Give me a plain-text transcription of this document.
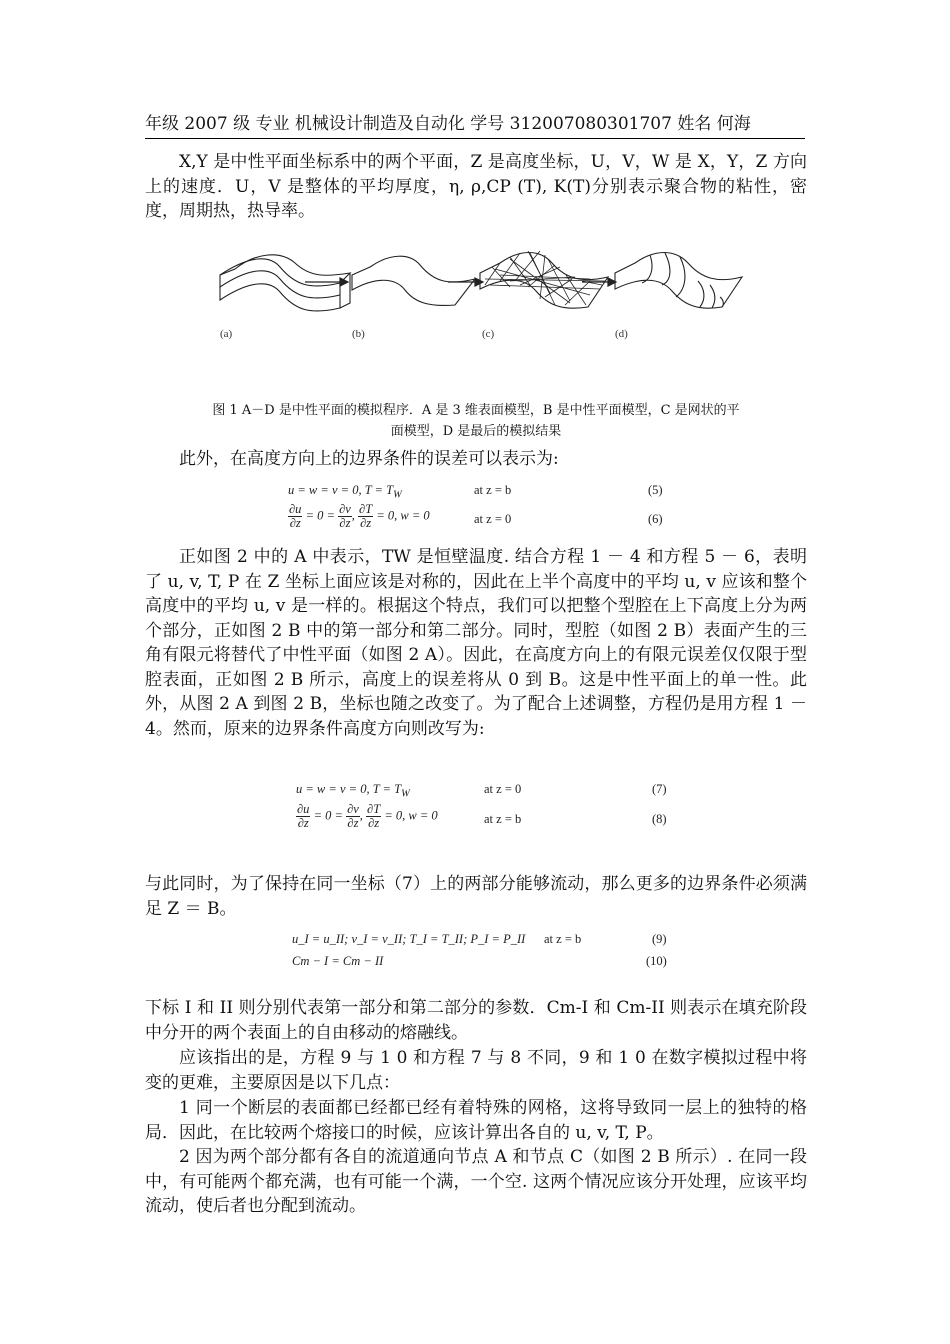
年级 2007 级 专业 机械设计制造及自动化 学号 312007080301707 姓名 何海
X,Y 是中性平面坐标系中的两个平面，Z 是高度坐标，U，V，W 是 X，Y，Z 方向上的速度．U，V 是整体的平均厚度，η, ρ,CP (T), K(T)分别表示聚合物的粘性，密度，周期热，热导率。
(a)	(b)	(c)	(d)
图 1 A－D 是中性平面的模拟程序．A 是 3 维表面模型，B 是中性平面模型，C 是网状的平
面模型，D 是最后的模拟结果
此外，在高度方向上的边界条件的误差可以表示为:
u = w = v = 0, $T = T_W$	at z = b	(5)
$\frac{\partial u}{\partial z} = 0 = \frac{\partial v}{\partial z}$ , $\frac{\partial T}{\partial z} = 0$, w = 0	at z = 0	(6)
正如图 2 中的 A 中表示，TW 是恒壁温度. 结合方程 1 － 4 和方程 5 － 6，表明了 u, v, T, P 在 Z 坐标上面应该是对称的，因此在上半个高度中的平均 u, v 应该和整个高度中的平均 u, v 是一样的。根据这个特点，我们可以把整个型腔在上下高度上分为两个部分，正如图 2 B 中的第一部分和第二部分。同时，型腔（如图 2 B）表面产生的三角有限元将替代了中性平面（如图 2 A）。因此，在高度方向上的有限元误差仅仅限于型腔表面，正如图 2 B 所示，高度上的误差将从 0 到 B。这是中性平面上的单一性。此外，从图 2 A 到图 2 B，坐标也随之改变了。为了配合上述调整，方程仍是用方程 1 － 4。然而，原来的边界条件高度方向则改写为:
u = w = v = 0, $T = T_W$	at z = 0	(7)
$\frac{\partial u}{\partial z} = 0 = \frac{\partial v}{\partial z}$ , $\frac{\partial T}{\partial z} = 0$, w = 0	at z = b	(8)
与此同时，为了保持在同一坐标（7）上的两部分能够流动，那么更多的边界条件必须满足 Z ＝ B。
u_I = u_II; v_I = v_II; T_I = T_II; P_I = P_II at z = b	(9)
Cm − I = Cm − II	(10)
下标 I 和 II 则分别代表第一部分和第二部分的参数．Cm-I 和 Cm-II 则表示在填充阶段中分开的两个表面上的自由移动的熔融线。
应该指出的是，方程 9 与 1 0 和方程 7 与 8 不同，9 和 1 0 在数字模拟过程中将变的更难，主要原因是以下几点：
1 同一个断层的表面都已经都已经有着特殊的网格，这将导致同一层上的独特的格局．因此，在比较两个熔接口的时候，应该计算出各自的 u, v, T, P。
2 因为两个部分都有各自的流道通向节点 A 和节点 C（如图 2 B 所示）. 在同一段中，有可能两个都充满，也有可能一个满，一个空. 这两个情况应该分开处理，应该平均流动，使后者也分配到流动。
